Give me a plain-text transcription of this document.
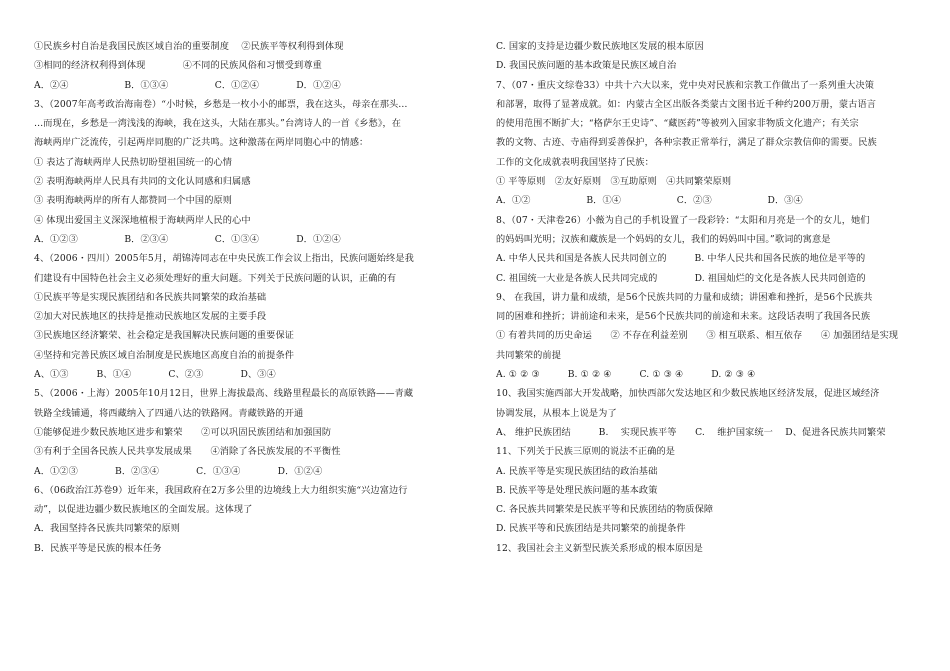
①民族乡村自治是我国民族区域自治的重要制度　 ②民族平等权利得到体现
③相同的经济权利得到体现　　　　④不同的民族风俗和习惯受到尊重
A．②④　　　　　　B．①③④　　　　　C．①②④　　　　D．①②④
3、（2007年高考政治海南卷）“小时候，乡愁是一枚小小的邮票，我在这头，母亲在那头…
…而现在，乡愁是一湾浅浅的海峡，我在这头，大陆在那头。”台湾诗人的一首《乡愁》，在
海峡两岸广泛流传，引起两岸同胞的广泛共鸣。这种激荡在两岸同胞心中的情感：
① 表达了海峡两岸人民热切盼望祖国统一的心情
② 表明海峡两岸人民具有共同的文化认同感和归属感
③ 表明海峡两岸的所有人都赞同一个中国的原则
④ 体现出爱国主义深深地植根于海峡两岸人民的心中
A．①②③　　　　　B．②③④　　　　　C．①③④　　　　D．①②④
4、（2006・四川）2005年5月，胡锦涛同志在中央民族工作会议上指出，民族问题始终是我
们建设有中国特色社会主义必须处理好的重大问题。下列关于民族问题的认识，正确的有
①民族平等是实现民族团结和各民族共同繁荣的政治基础
②加大对民族地区的扶持是推动民族地区发展的主要手段
③民族地区经济繁荣、社会稳定是我国解决民族问题的重要保证
④坚持和完善民族区域自治制度是民族地区高度自治的前提条件
A、①③　　　B、①④　　　　C、②③　　　　D、③④
5、（2006・上海）2005年10月12日，世界上海拔最高、线路里程最长的高原铁路——青藏
铁路全线铺通，将西藏纳入了四通八达的铁路网。青藏铁路的开通
①能够促进少数民族地区进步和繁荣　　②可以巩固民族团结和加强国防
③有利于全国各民族人民共享发展成果　　④消除了各民族发展的不平衡性
A．①②③　　　　B．②③④　　　　C．①③④　　　　D．①②④
6、（06政治江苏卷9）近年来，我国政府在2万多公里的边境线上大力组织实施“兴边富边行
动”，以促进边疆少数民族地区的全面发展。这体现了
A．我国坚持各民族共同繁荣的原则
B．民族平等是民族的根本任务
C. 国家的支持是边疆少数民族地区发展的根本原因
D. 我国民族问题的基本政策是民族区域自治
7、（07・重庆文综卷33）中共十六大以来，党中央对民族和宗教工作做出了一系列重大决策
和部署，取得了显著成就。如：内蒙古全区出版各类蒙古文图书近千种约200万册，蒙古语言
的使用范围不断扩大；“格萨尔王史诗”、“藏医药”等被列入国家非物质文化遗产；有关宗
教的文物、古迹、寺庙得到妥善保护，各种宗教正常举行，满足了群众宗教信仰的需要。民族
工作的文化成就表明我国坚持了民族：
① 平等原则　②友好原则　③互助原则　④共同繁荣原则
A．①②　　　　　　B．①④　　　　　　C．②③　　　　　　D．③④
8、（07・天津卷26）小薇为自己的手机设置了一段彩铃：“太阳和月亮是一个的女儿，她们
的妈妈叫光明；汉族和藏族是一个妈妈的女儿，我们的妈妈叫中国。”歌词的寓意是
A. 中华人民共和国是各族人民共同创立的　　　B. 中华人民共和国各民族的地位是平等的
C. 祖国统一大业是各族人民共同完成的　　　　D. 祖国灿烂的文化是各族人民共同创造的
9、 在我国，讲力量和成绩，是56个民族共同的力量和成绩；讲困难和挫折，是56个民族共
同的困难和挫折；讲前途和未来，是56个民族共同的前途和未来。这段话表明了我国各民族
① 有着共同的历史命运　　② 不存在利益差别　　③ 相互联系、相互依存　　④ 加强团结是实现
共同繁荣的前提
A. ① ② ③　　　B. ① ② ④　　　C. ① ③ ④　　　D. ② ③ ④
10、我国实施西部大开发战略，加快西部欠发达地区和少数民族地区经济发展，促进区域经济
协调发展，从根本上说是为了
A、 维护民族团结　　　B.　 实现民族平等　　C.　 维护国家统一　 D、促进各民族共同繁荣
11、下列关于民族三原则的说法不正确的是
A. 民族平等是实现民族团结的政治基础
B. 民族平等是处理民族问题的基本政策
C. 各民族共同繁荣是民族平等和民族团结的物质保障
D. 民族平等和民族团结是共同繁荣的前提条件
12、我国社会主义新型民族关系形成的根本原因是
